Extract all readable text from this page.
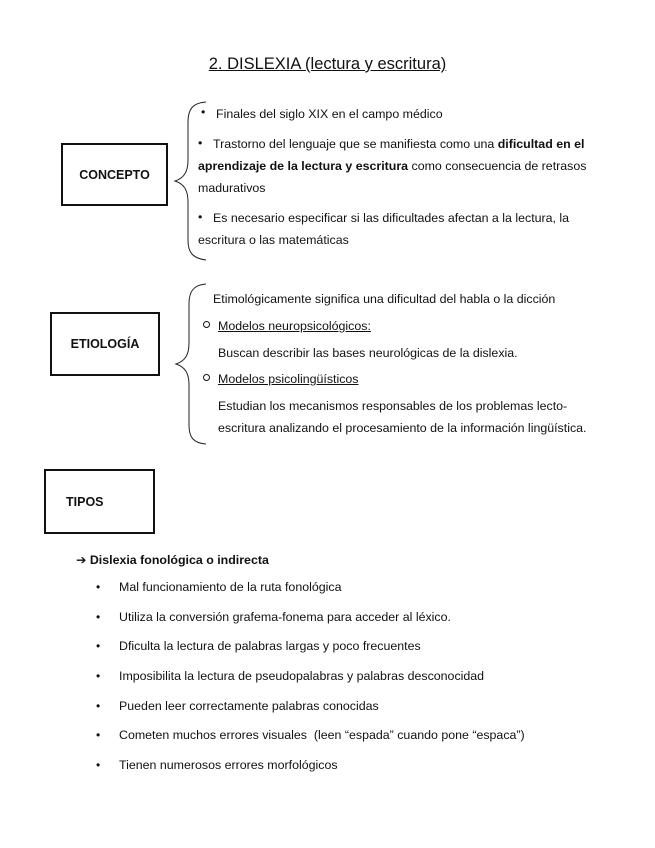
2. DISLEXIA (lectura y escritura)
CONCEPTO
• Finales del siglo XIX en el campo médico
• Trastorno del lenguaje que se manifiesta como una dificultad en el
aprendizaje de la lectura y escritura como consecuencia de retrasos
madurativos
• Es necesario especificar si las dificultades afectan a la lectura, la
escritura o las matemáticas
ETIOLOGÍA
Etimológicamente significa una dificultad del habla o la dicción
Modelos neuropsicológicos:
Buscan describir las bases neurológicas de la dislexia.
Modelos psicolingüísticos
Estudian los mecanismos responsables de los problemas lecto-
escritura analizando el procesamiento de la información lingüística.
TIPOS
➔ Dislexia fonológica o indirecta
• Mal funcionamiento de la ruta fonológica
• Utiliza la conversión grafema-fonema para acceder al léxico.
• Dficulta la lectura de palabras largas y poco frecuentes
• Imposibilita la lectura de pseudopalabras y palabras desconocidad
• Pueden leer correctamente palabras conocidas
• Cometen muchos errores visuales  (leen “espada” cuando pone “espaca”)
• Tienen numerosos errores morfológicos
